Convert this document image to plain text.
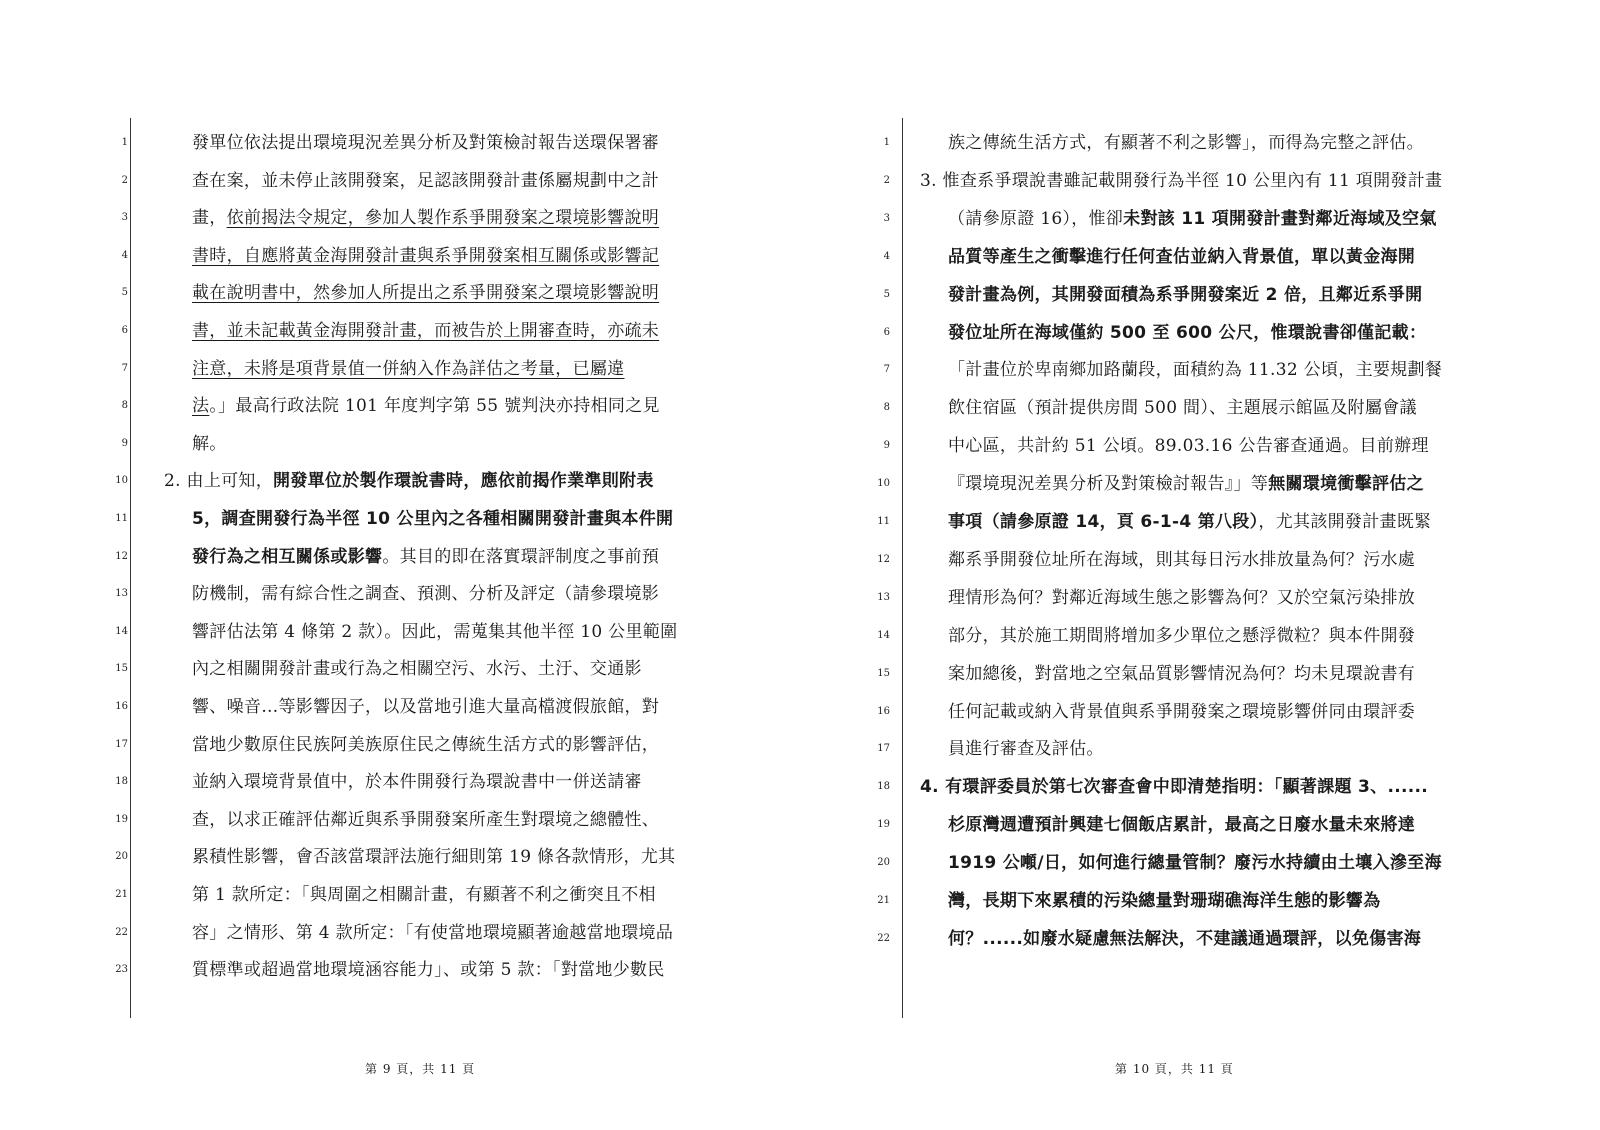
1	發單位依法提出環境現況差異分析及對策檢討報告送環保署審
2	查在案，並未停止該開發案，足認該開發計畫係屬規劃中之計
3	畫，依前揭法令規定，參加人製作系爭開發案之環境影響說明
4	書時，自應將黃金海開發計畫與系爭開發案相互關係或影響記
5	載在說明書中，然參加人所提出之系爭開發案之環境影響說明
6	書，並未記載黃金海開發計畫，而被告於上開審查時，亦疏未
7	注意，未將是項背景值一併納入作為詳估之考量，已屬違
8	法。」最高行政法院 101 年度判字第 55 號判決亦持相同之見
9	解。
10 2. 由上可知，開發單位於製作環說書時，應依前揭作業準則附表
11	5，調查開發行為半徑 10 公里內之各種相關開發計畫與本件開
12	發行為之相互關係或影響。其目的即在落實環評制度之事前預
13	防機制，需有綜合性之調查、預測、分析及評定（請參環境影
14	響評估法第 4 條第 2 款）。因此，需蒐集其他半徑 10 公里範圍
15	內之相關開發計畫或行為之相關空污、水污、土汙、交通影
16	響、噪音…等影響因子，以及當地引進大量高檔渡假旅館，對
17	當地少數原住民族阿美族原住民之傳統生活方式的影響評估，
18	並納入環境背景值中，於本件開發行為環說書中一併送請審
19	查，以求正確評估鄰近與系爭開發案所產生對環境之總體性、
20	累積性影響，會否該當環評法施行細則第 19 條各款情形，尤其
21	第 1 款所定：「與周圍之相關計畫，有顯著不利之衝突且不相
22	容」之情形、第 4 款所定：「有使當地環境顯著逾越當地環境品
23	質標準或超過當地環境涵容能力」、或第 5 款：「對當地少數民
第 9 頁，共 11 頁
1	族之傳統生活方式，有顯著不利之影響」，而得為完整之評估。
2 3. 惟查系爭環說書雖記載開發行為半徑 10 公里內有 11 項開發計畫
3	（請參原證 16），惟卻未對該 11 項開發計畫對鄰近海域及空氣
4	品質等產生之衝擊進行任何查估並納入背景值，單以黃金海開
5	發計畫為例，其開發面積為系爭開發案近 2 倍，且鄰近系爭開
6	發位址所在海域僅約 500 至 600 公尺，惟環說書卻僅記載：
7	「計畫位於卑南鄉加路蘭段，面積約為 11.32 公頃，主要規劃餐
8	飲住宿區（預計提供房間 500 間）、主題展示館區及附屬會議
9	中心區，共計約 51 公頃。89.03.16 公告審查通過。目前辦理
10	『環境現況差異分析及對策檢討報告』」等無關環境衝擊評估之
11	事項（請參原證 14，頁 6-1-4 第八段），尤其該開發計畫既緊
12	鄰系爭開發位址所在海域，則其每日污水排放量為何？污水處
13	理情形為何？對鄰近海域生態之影響為何？又於空氣污染排放
14	部分，其於施工期間將增加多少單位之懸浮微粒？與本件開發
15	案加總後，對當地之空氣品質影響情況為何？均未見環說書有
16	任何記載或納入背景值與系爭開發案之環境影響併同由環評委
17	員進行審查及評估。
18 4. 有環評委員於第七次審查會中即清楚指明：「顯著課題 3、......
19	杉原灣週遭預計興建七個飯店累計，最高之日廢水量未來將達
20	1919 公噸/日，如何進行總量管制？廢污水持續由土壤入滲至海
21	灣，長期下來累積的污染總量對珊瑚礁海洋生態的影響為
22	何？......如廢水疑慮無法解決，不建議通過環評，以免傷害海
第 10 頁，共 11 頁
